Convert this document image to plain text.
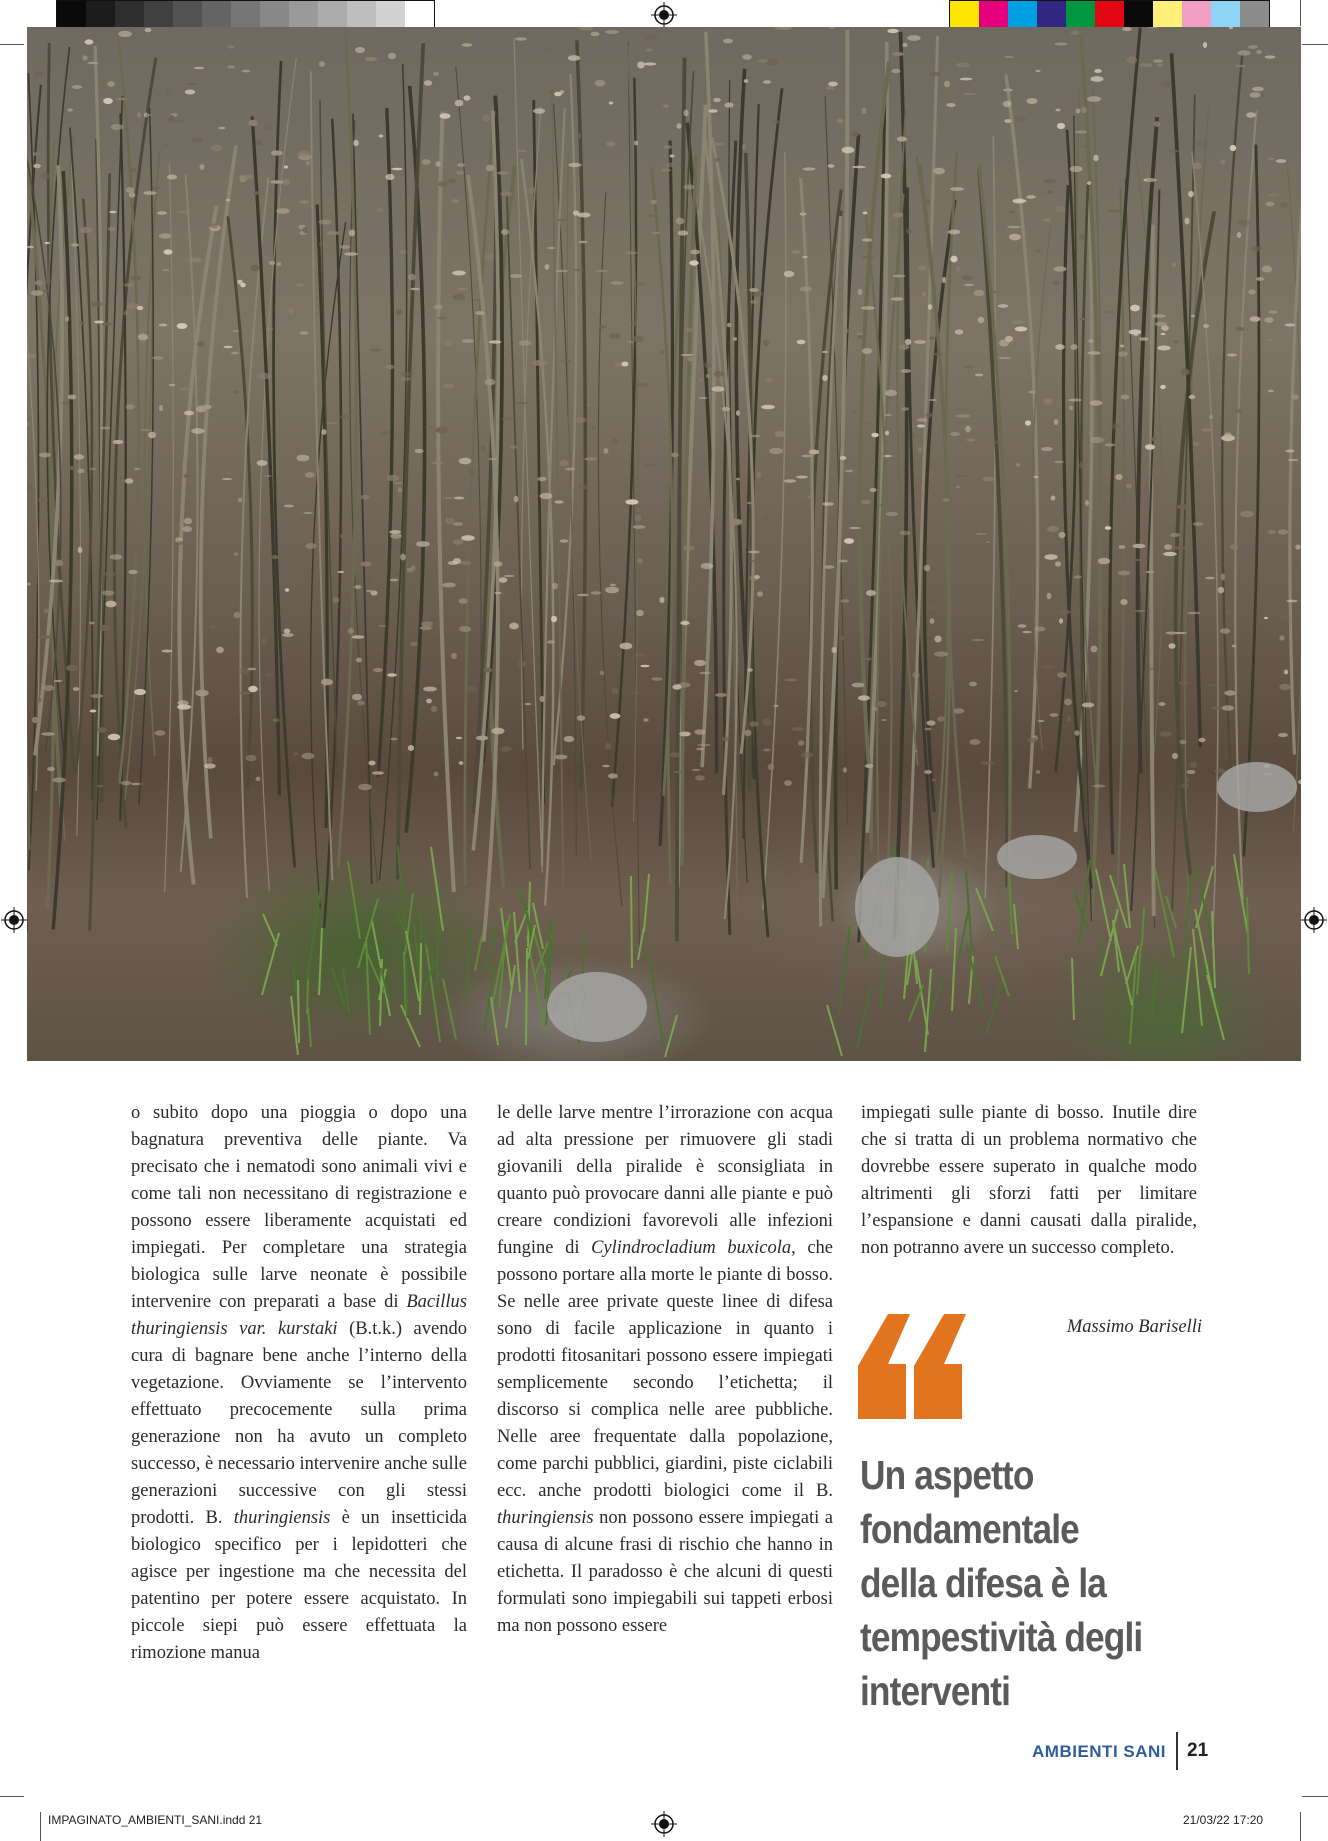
o subito dopo una pioggia o dopo una bagnatura preventiva delle piante. Va precisato che i nematodi sono animali vivi e come tali non necessitano di registrazione e possono essere liberamente acquistati ed impiegati. Per completare una strategia biologica sulle larve neonate è possibile intervenire con preparati a base di Bacillus thuringiensis var. kurstaki (B.t.k.) avendo cura di bagnare bene anche l’interno della vegetazione. Ovviamente se l’intervento effettuato precocemente sulla prima generazione non ha avuto un completo successo, è necessario intervenire anche sulle generazioni successive con gli stessi prodotti. B. thuringiensis è un insetticida biologico specifico per i lepidotteri che agisce per ingestione ma che necessita del patentino per potere essere acquistato. In piccole siepi può essere effettuata la rimozione manua

le delle larve mentre l’irrorazione con acqua ad alta pressione per rimuovere gli stadi giovanili della piralide è sconsigliata in quanto può provocare danni alle piante e può creare condizioni favorevoli alle infezioni fungine di Cylindrocladium buxicola, che possono portare alla morte le piante di bosso. Se nelle aree private queste linee di difesa sono di facile applicazione in quanto i prodotti fitosanitari possono essere impiegati semplicemente secondo l’etichetta; il discorso si complica nelle aree pubbliche. Nelle aree frequentate dalla popolazione, come parchi pubblici, giardini, piste ciclabili ecc. anche prodotti biologici come il B. thuringiensis non possono essere impiegati a causa di alcune frasi di rischio che hanno in etichetta. Il paradosso è che alcuni di questi formulati sono impiegabili sui tappeti erbosi ma non possono essere

impiegati sulle piante di bosso. Inutile dire che si tratta di un problema normativo che dovrebbe essere superato in qualche modo altrimenti gli sforzi fatti per limitare l’espansione e danni causati dalla piralide, non potranno avere un successo completo.

Massimo Bariselli
Un aspetto
fondamentale
della difesa è la
tempestività degli
interventi
AMBIENTI SANI 21
IMPAGINATO_AMBIENTI_SANI.indd 21	21/03/22 17:20
